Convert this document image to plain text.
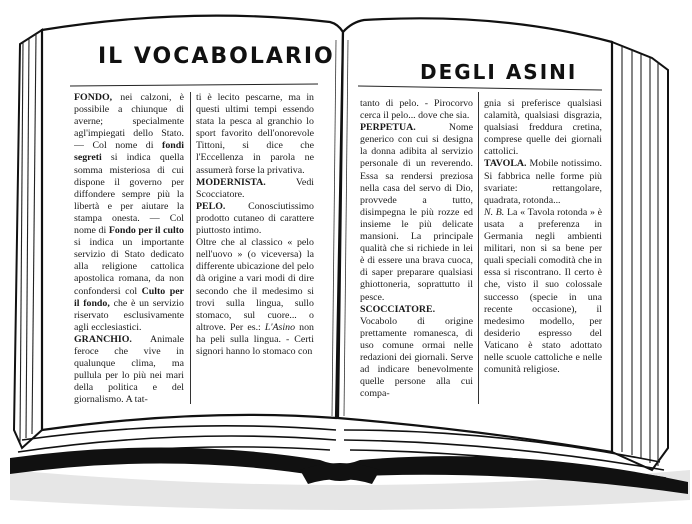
IL VOCABOLARIO
DEGLI ASINI

FONDO, nei calzoni, è possibile a chiunque di averne; specialmente agl'impiegati dello Stato. — Col nome di fondi segreti si indica quella somma misteriosa di cui dispone il governo per diffondere sempre più la libertà e per aiutare la stampa onesta. — Col nome di Fondo per il culto si indica un importante servizio di Stato dedicato alla religione cattolica apostolica romana, da non confondersi col Culto per il fondo, che è un servizio riservato esclusivamente agli ecclesiastici.

GRANCHIO. Animale feroce che vive in qualunque clima, ma pullula per lo più nei mari della politica e del giornalismo. A tat-

ti è lecito pescarne, ma in questi ultimi tempi essendo stata la pesca al granchio lo sport favorito dell'onorevole Tittoni, si dice che l'Eccellenza in parola ne assumerà forse la privativa.

MODERNISTA. Vedi Scocciatore.

PELO. Conosciutissimo prodotto cutaneo di carattere piuttosto intimo.

Oltre che al classico « pelo nell'uovo » (o viceversa) la differente ubicazione del pelo dà origine a vari modi di dire secondo che il medesimo si trovi sulla lingua, sullo stomaco, sul cuore... o altrove. Per es.: L'Asino non ha peli sulla lingua. - Certi signori hanno lo stomaco con

tanto di pelo. - Pirocorvo cerca il pelo... dove che sia.

PERPETUA. Nome generico con cui si designa la donna adibita al servizio personale di un reverendo. Essa sa rendersi preziosa nella casa del servo di Dio, provvede a tutto, disimpegna le più rozze ed insieme le più delicate mansioni. La principale qualità che si richiede in lei è di essere una brava cuoca, di saper preparare qualsiasi ghiottoneria, soprattutto il pesce.

SCOCCIATORE. Vocabolo di origine prettamente romanesca, di uso comune ormai nelle redazioni dei giornali. Serve ad indicare benevolmente quelle persone alla cui compa-

gnia si preferisce qualsiasi calamità, qualsiasi disgrazia, qualsiasi freddura cretina, comprese quelle dei giornali cattolici.

TAVOLA. Mobile notissimo. Si fabbrica nelle forme più svariate: rettangolare, quadrata, rotonda...

N. B. La « Tavola rotonda » è usata a preferenza in Germania negli ambienti militari, non si sa bene per quali speciali comodità che in essa si riscontrano. Il certo è che, visto il suo colossale successo (specie in una recente occasione), il medesimo modello, per desiderio espresso del Vaticano è stato adottato nelle scuole cattoliche e nelle comunità religiose.
